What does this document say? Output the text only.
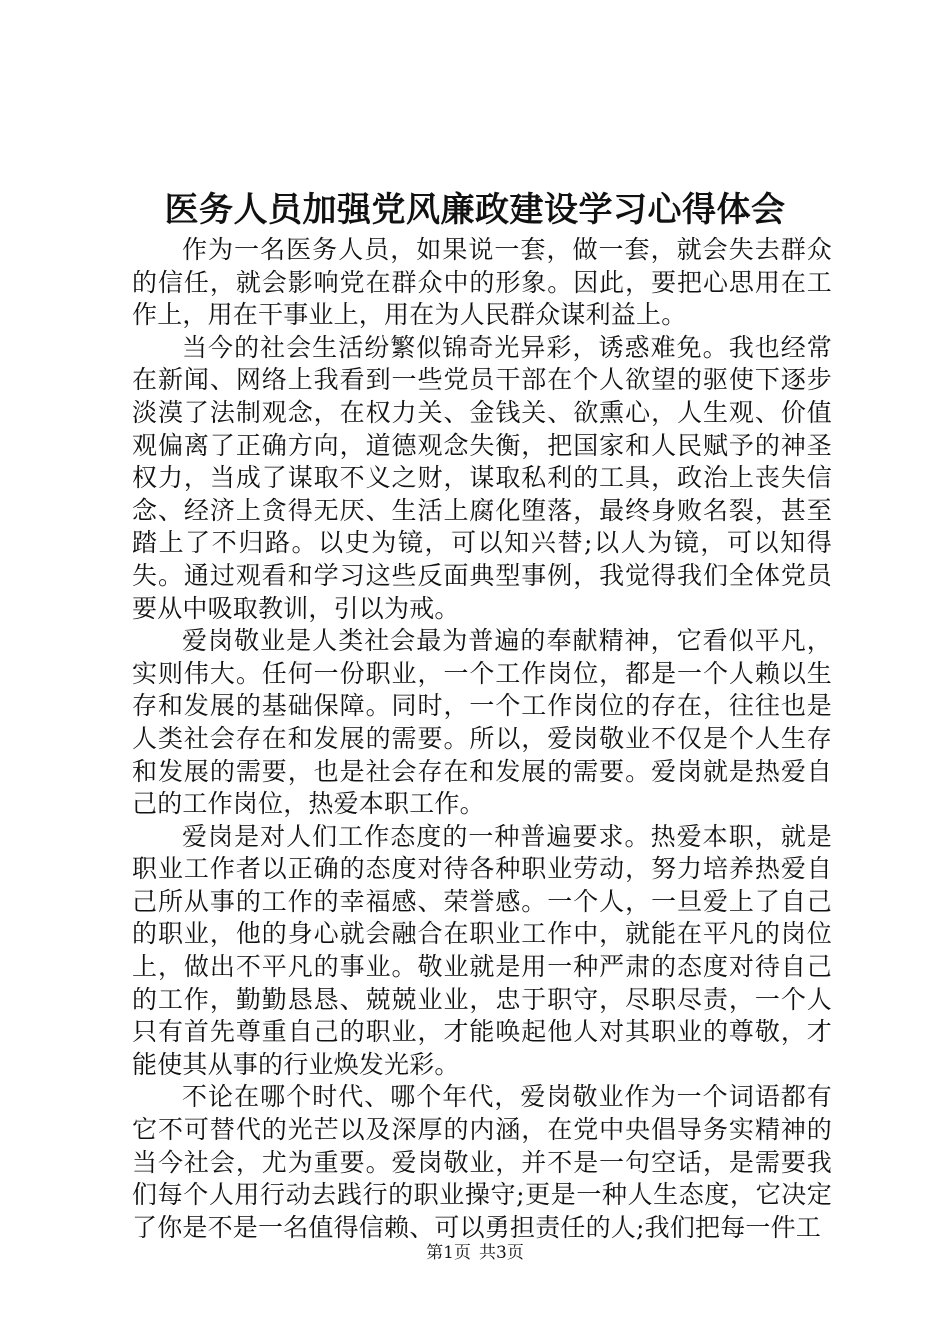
医务人员加强党风廉政建设学习心得体会

作为一名医务人员，如果说一套，做一套，就会失去群众的信任，就会影响党在群众中的形象。因此，要把心思用在工作上，用在干事业上，用在为人民群众谋利益上。

当今的社会生活纷繁似锦奇光异彩，诱惑难免。我也经常在新闻、网络上我看到一些党员干部在个人欲望的驱使下逐步淡漠了法制观念，在权力关、金钱关、欲熏心，人生观、价值观偏离了正确方向，道德观念失衡，把国家和人民赋予的神圣权力，当成了谋取不义之财，谋取私利的工具，政治上丧失信念、经济上贪得无厌、生活上腐化堕落，最终身败名裂，甚至踏上了不归路。以史为镜，可以知兴替;以人为镜，可以知得失。通过观看和学习这些反面典型事例，我觉得我们全体党员要从中吸取教训，引以为戒。

爱岗敬业是人类社会最为普遍的奉献精神，它看似平凡，实则伟大。任何一份职业，一个工作岗位，都是一个人赖以生存和发展的基础保障。同时，一个工作岗位的存在，往往也是人类社会存在和发展的需要。所以，爱岗敬业不仅是个人生存和发展的需要，也是社会存在和发展的需要。爱岗就是热爱自己的工作岗位，热爱本职工作。

爱岗是对人们工作态度的一种普遍要求。热爱本职，就是职业工作者以正确的态度对待各种职业劳动，努力培养热爱自己所从事的工作的幸福感、荣誉感。一个人，一旦爱上了自己的职业，他的身心就会融合在职业工作中，就能在平凡的岗位上，做出不平凡的事业。敬业就是用一种严肃的态度对待自己的工作，勤勤恳恳、兢兢业业，忠于职守，尽职尽责，一个人只有首先尊重自己的职业，才能唤起他人对其职业的尊敬，才能使其从事的行业焕发光彩。

不论在哪个时代、哪个年代，爱岗敬业作为一个词语都有它不可替代的光芒以及深厚的内涵，在党中央倡导务实精神的当今社会，尤为重要。爱岗敬业，并不是一句空话，是需要我们每个人用行动去践行的职业操守;更是一种人生态度，它决定了你是不是一名值得信赖、可以勇担责任的人;我们把每一件工

第1页 共3页
